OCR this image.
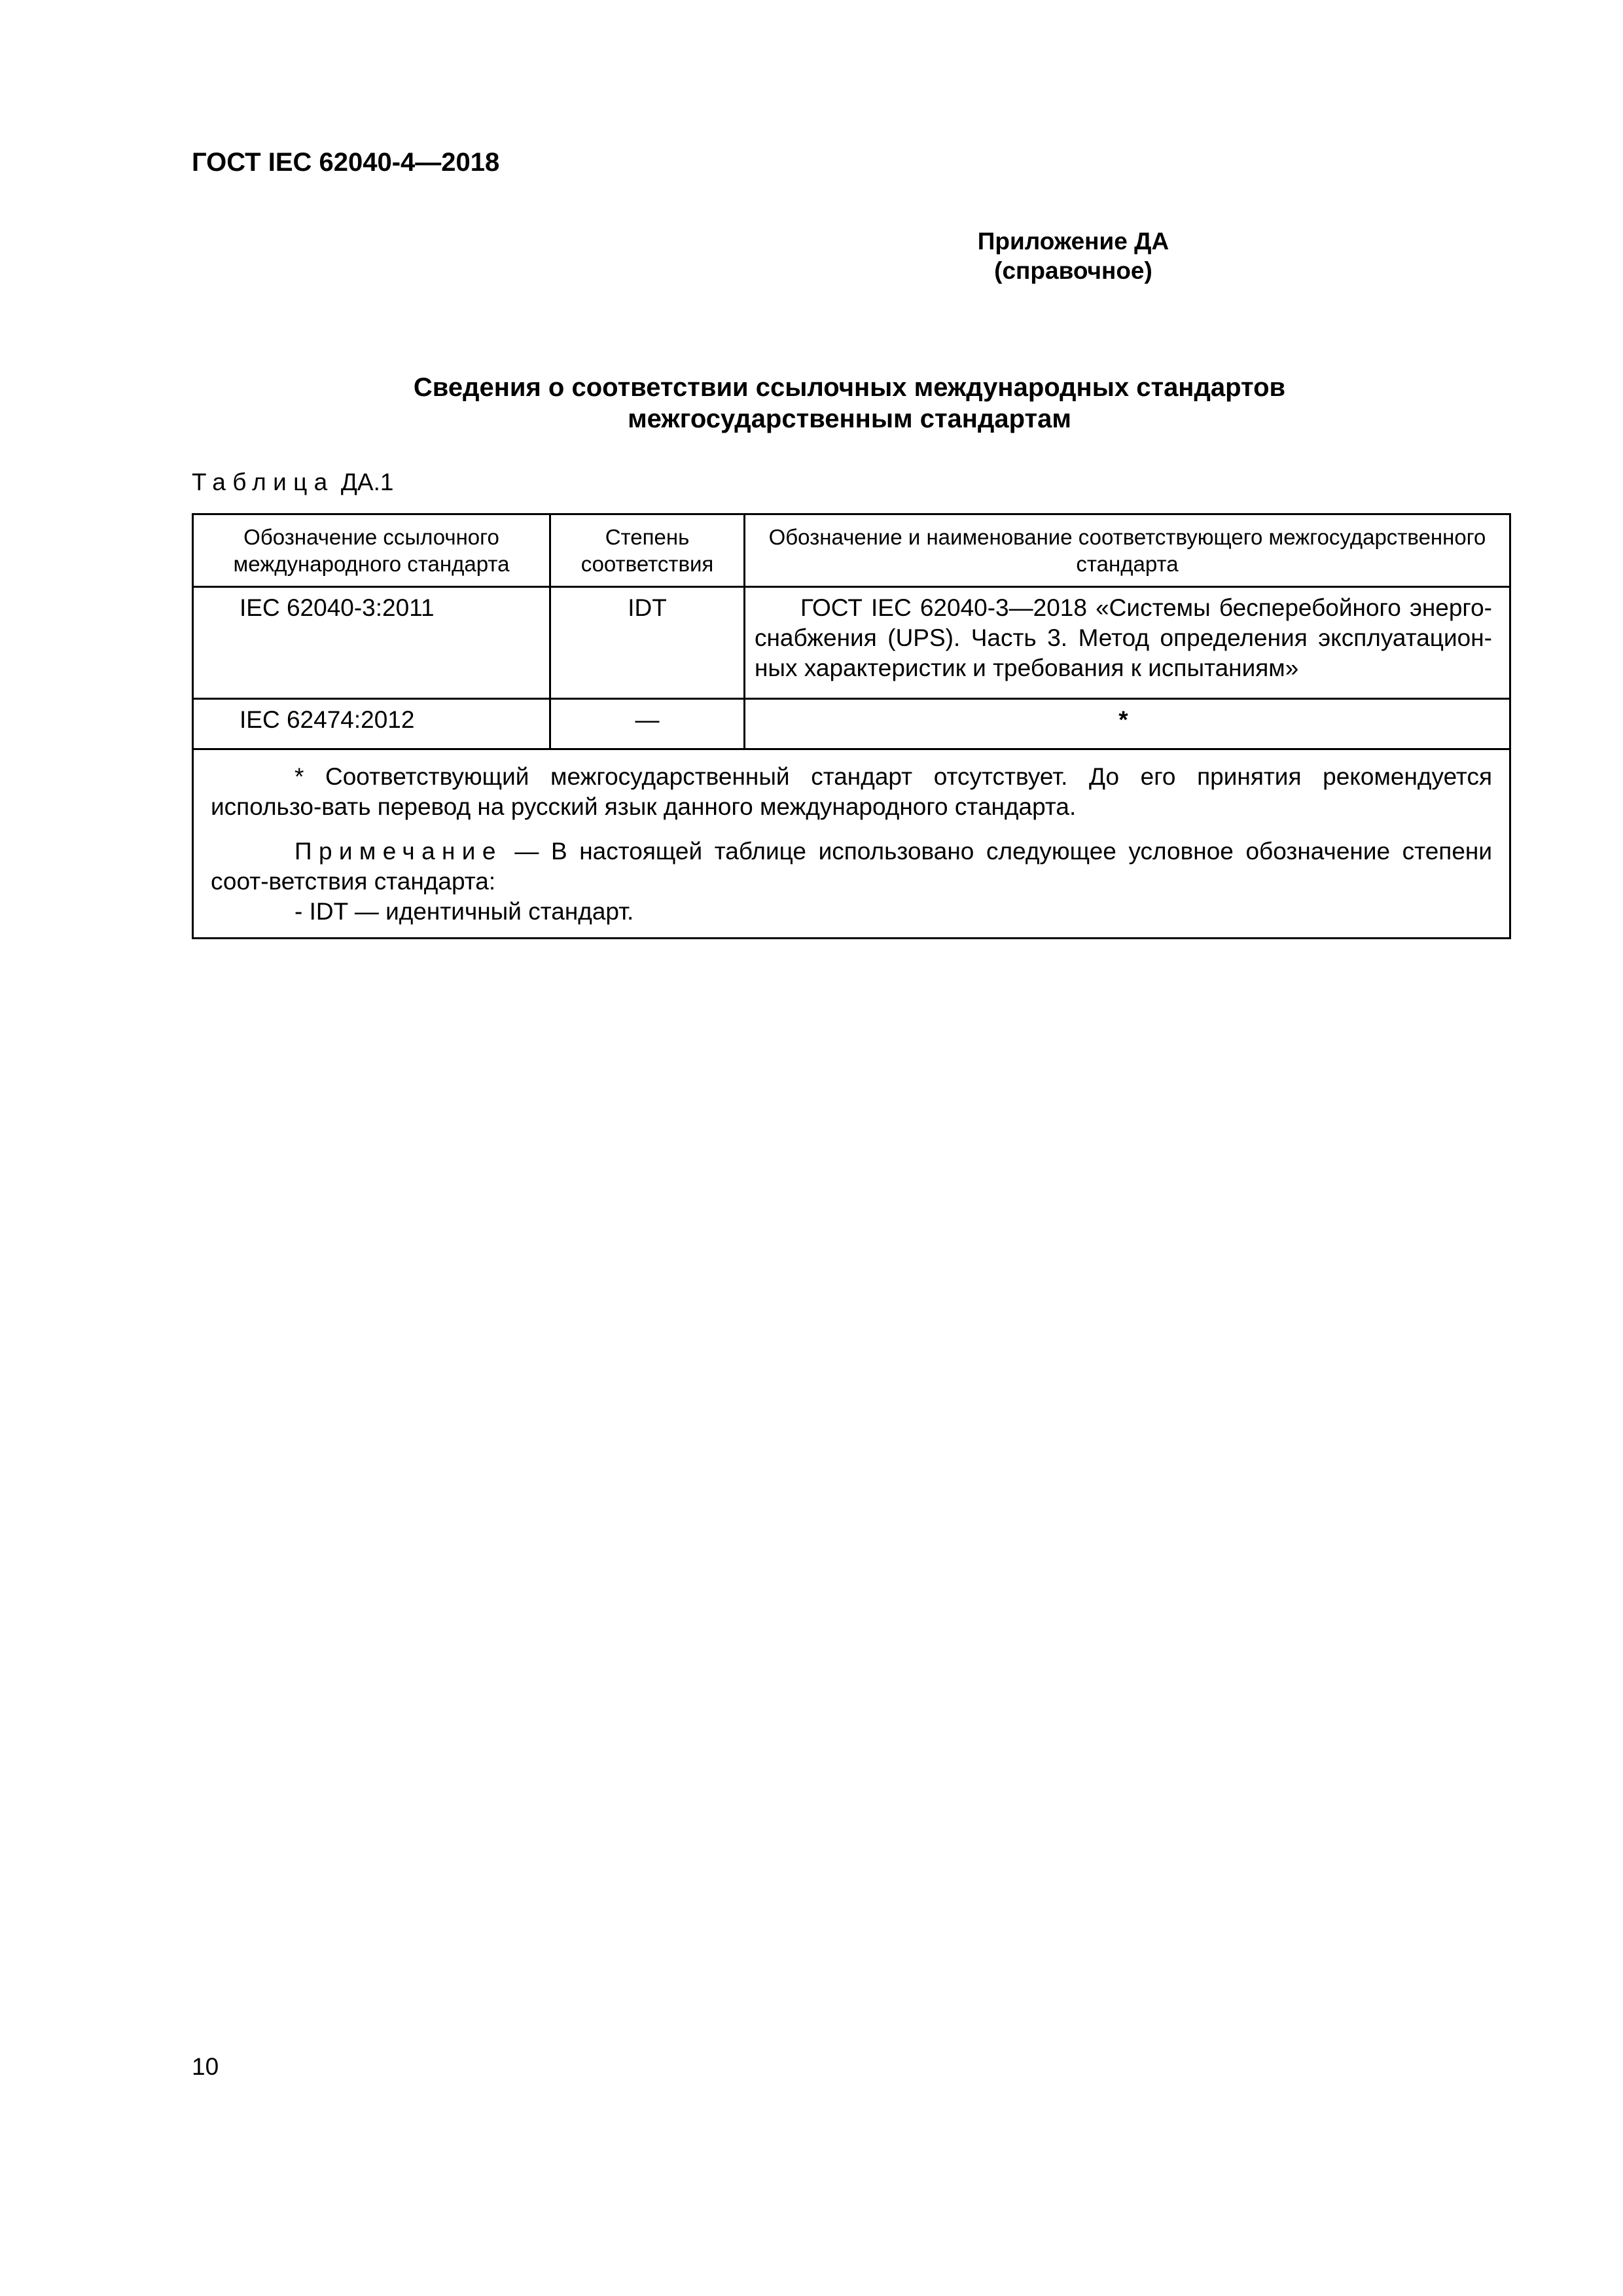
ГОСТ IEC 62040-4—2018
Приложение ДА
(справочное)
Сведения о соответствии ссылочных международных стандартов
межгосударственным стандартам

Таблица ДА.1

Обозначение ссылочного международного стандарта	Степень соответствия	Обозначение и наименование соответствующего межгосударственного стандарта
IEC 62040-3:2011	IDT	ГОСТ IEC 62040-3—2018 «Системы бесперебойного энерго-снабжения (UPS). Часть 3. Метод определения эксплуатацион-ных характеристик и требования к испытаниям»
IEC 62474:2012	—	*

* Соответствующий межгосударственный стандарт отсутствует. До его принятия рекомендуется использо-вать перевод на русский язык данного международного стандарта.

Примечание — В настоящей таблице использовано следующее условное обозначение степени соот-ветствия стандарта:

- IDT — идентичный стандарт.		

10
